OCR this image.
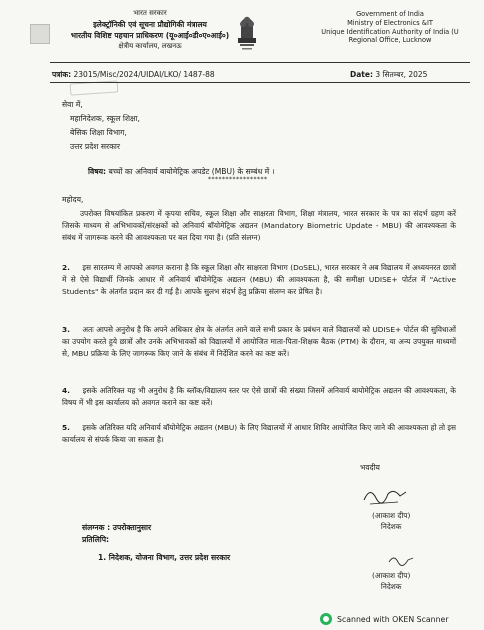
भारत सरकार
इलेक्ट्रॉनिकी एवं सूचना प्रौद्योगिकी मंत्रालय
भारतीय विशिष्ट पहचान प्राधिकरण (यू०आई०डी०ए०आई०)
क्षेत्रीय कार्यालय, लखनऊ
Government of India
Ministry of Electronics &IT
Unique Identification Authority of India (U
Regional Office, Lucknow
पत्रांक: 23015/Misc/2024/UIDAI/LKO/ 1487-88	Date: 3 सितम्बर, 2025
सेवा में,
महानिदेशक, स्कूल शिक्षा,
बेसिक शिक्षा विभाग,
उत्तर प्रदेश सरकार
विषय: बच्चों का अनिवार्य बायोमेट्रिक अपडेट (MBU) के सम्बंध में ।
*****************
महोदय,
उपरोक्त विषयांकित प्रकरण में कृपया सचिव, स्कूल शिक्षा और साक्षरता विभाग, शिक्षा मंत्रालय, भारत सरकार के पत्र का संदर्भ ग्रहण करें जिसके माध्यम से अभिभावकों/संरक्षकों को अनिवार्य बॉयोमेट्रिक अद्यतन (Mandatory Biometric Update - MBU) की आवश्यकता के संबंध में जागरूक करने की आवश्यकता पर बल दिया गया है। (प्रति संलग्न)
2. इस सारतम्य में आपको अवगत कराना है कि स्कूल शिक्षा और साक्षरता विभाग (DoSEL), भारत सरकार ने अब विद्यालय में अध्ययनरत छात्रों में से ऐसे विद्यार्थी जिनके आधार में अनिवार्य बॉयोमेट्रिक अद्यतन (MBU) की आवश्यकता है, की समीक्षा UDISE+ पोर्टल में "Active Students" के अंतर्गत प्रदान कर दी गई है। आपके सुलभ संदर्भ हेतु प्रक्रिया संलग्न कर प्रेषित है।
3. अतः आपसे अनुरोध है कि अपने अधिकार क्षेत्र के अंतर्गत आने वाले सभी प्रकार के प्रबंधन वाले विद्यालयों को UDISE+ पोर्टल की सुविधाओं का उपयोग करते हुये छात्रों और उनके अभिभावकों को विद्यालयों में आयोजित माता-पिता-शिक्षक बैठक (PTM) के दौरान, या अन्य उपयुक्त माध्यमों से, MBU प्रक्रिया के लिए जागरूक किए जाने के संबंध में निर्देशित करने का कष्ट करें।
4. इसके अतिरिक्त यह भी अनुरोध है कि ब्लॉक/विद्यालय स्तर पर ऐसे छात्रों की संख्या जिसमें अनिवार्य बायोमेट्रिक अद्यतन की आवश्यकता, के विषय में भी इस कार्यालय को अवगत कराने का कष्ट करें।
5. इसके अतिरिक्त यदि अनिवार्य बॉयोमेट्रिक अद्यतन (MBU) के लिए विद्यालयों में आधार शिविर आयोजित किए जाने की आवश्यकता हो तो इस कार्यालय से संपर्क किया जा सकता है।
भवदीय
(आकाश दीप)
निदेशक
संलग्नक : उपरोक्तानुसार
प्रतिलिपि:
1. निदेशक, योजना विभाग, उत्तर प्रदेश सरकार
(आकाश दीप)
निदेशक
Scanned with OKEN Scanner
